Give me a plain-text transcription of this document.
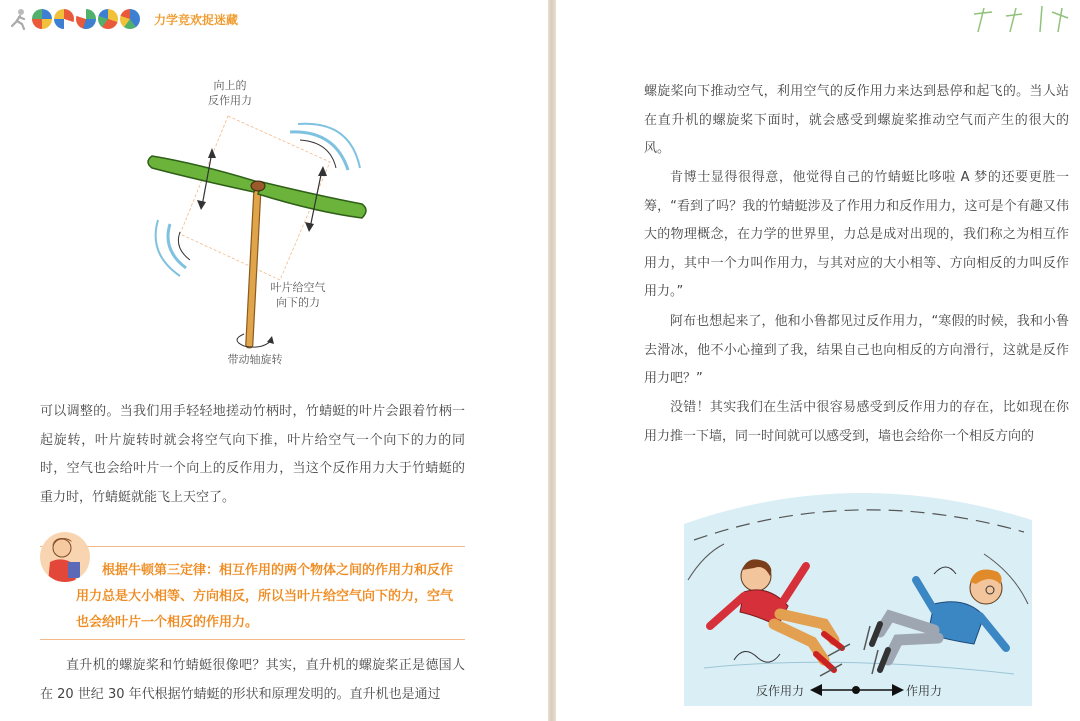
力学竞欢捉迷藏
向上的
反作用力
叶片给空气
向下的力
带动轴旋转

可以调整的。当我们用手轻轻地搓动竹柄时，竹蜻蜓的叶片会跟着竹柄一起旋转，叶片旋转时就会将空气向下推，叶片给空气一个向下的力的同时，空气也会给叶片一个向上的反作用力，当这个反作用力大于竹蜻蜓的重力时，竹蜻蜓就能飞上天空了。

根据牛顿第三定律：相互作用的两个物体之间的作用力和反作用力总是大小相等、方向相反，所以当叶片给空气向下的力，空气也会给叶片一个相反的作用力。

直升机的螺旋桨和竹蜻蜓很像吧？其实，直升机的螺旋桨正是德国人在 20 世纪 30 年代根据竹蜻蜓的形状和原理发明的。直升机也是通过

螺旋桨向下推动空气，利用空气的反作用力来达到悬停和起飞的。当人站在直升机的螺旋桨下面时，就会感受到螺旋桨推动空气而产生的很大的风。

肯博士显得很得意，他觉得自己的竹蜻蜓比哆啦 A 梦的还要更胜一筹，“看到了吗？我的竹蜻蜓涉及了作用力和反作用力，这可是个有趣又伟大的物理概念，在力学的世界里，力总是成对出现的，我们称之为相互作用力，其中一个力叫作用力，与其对应的大小相等、方向相反的力叫反作用力。”

阿布也想起来了，他和小鲁都见过反作用力，“寒假的时候，我和小鲁去滑冰，他不小心撞到了我，结果自己也向相反的方向滑行，这就是反作用力吧？”

没错！其实我们在生活中很容易感受到反作用力的存在，比如现在你用力推一下墙，同一时间就可以感受到，墙也会给你一个相反方向的

反作用力	作用力
